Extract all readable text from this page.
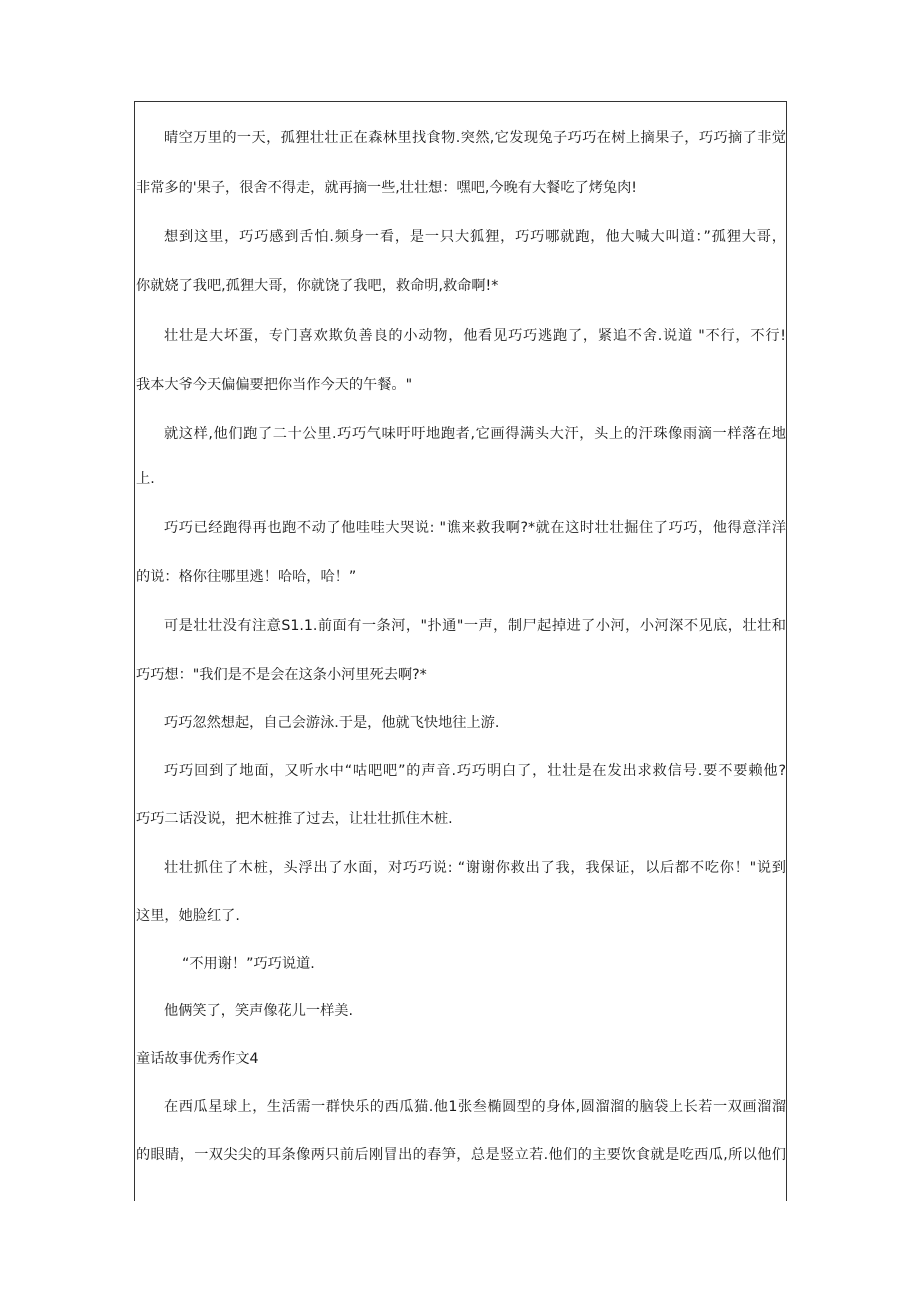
晴空万里的一天，孤狸壮壮正在森林里找食物.突然,它发现兔子巧巧在树上摘果子，巧巧摘了非觉
非常多的'果子，很舍不得走，就再摘一些,壮壮想：嘿吧,今晚有大餐吃了烤兔肉!
想到这里，巧巧感到舌怕.频身一看，是一只大狐狸，巧巧哪就跑，他大喊大叫道：”孤狸大哥，
你就娆了我吧,孤狸大哥，你就饶了我吧，救命明,救命啊!*
壮壮是大坏蛋，专门喜欢欺负善良的小动物，他看见巧巧逃跑了，紧追不舍.说道 "不行，不行!
我本大爷今天偏偏要把你当作今天的午餐。"
就这样,他们跑了二十公里.巧巧气味吁吁地跑者,它画得满头大汗，头上的汗珠像雨滴一样落在地
上.
巧巧已经跑得再也跑不动了他哇哇大哭说: "谯来救我啊?*就在这时壮壮掘住了巧巧，他得意洋洋
的说：格你往哪里逃！哈哈，哈！”
可是壮壮没有注意S1.1.前面有一条河，"扑通"一声，制尸起掉进了小河，小河深不见底，壮壮和
巧巧想："我们是不是会在这条小河里死去啊?*
巧巧忽然想起，自己会游泳.于是，他就飞快地往上游.
巧巧回到了地面，又听水中“咕吧吧”的声音.巧巧明白了，壮壮是在发出求救信号.要不要赖他?
巧巧二话没说，把木桩推了过去，让壮壮抓住木桩.
壮壮抓住了木桩，头浮出了水面，对巧巧说: “谢谢你救出了我，我保证，以后都不吃你！"说到
这里，她脸红了.
“不用谢！”巧巧说道.
他俩笑了，笑声像花儿一样美.
童话故事优秀作文4
在西瓜星球上，生活需一群快乐的西瓜猫.他1张叁椭圆型的身体,圆溜溜的脑袋上长若一双画溜溜
的眼睛，一双尖尖的耳条像两只前后刚冒出的春笋，总是竖立若.他们的主要饮食就是吃西瓜,所以他们
